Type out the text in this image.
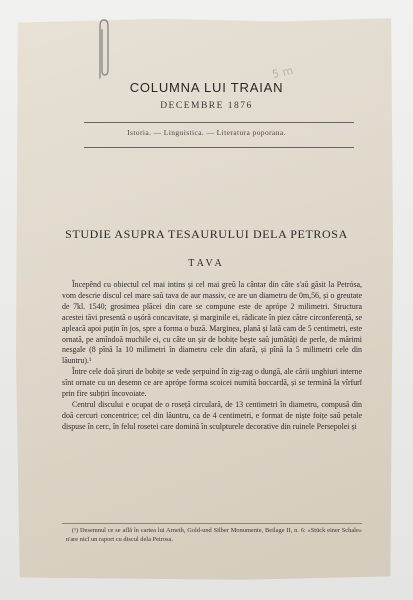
5 m
COLUMNA LUI TRAIAN
DECEMBRE 1876
Istoria. — Linguistica. — Literatura poporana.
STUDIE ASUPRA TESAURULUI DELA PETROSA
TAVA

Începênd cu obiectul cel mai intins și cel mai greŭ la cântar din câte s'aŭ găsit la Petrósa, vom descrie discul cel mare saŭ tava de aur massiv, ce are un diametru de 0m,56, și o greutate de 7kl. 1540; grosimea plăcei din care se compune este de aprópe 2 milimetri. Structura acestei tăvi presentă o ușóră concavitate, și marginile ei, rădicate în piez către circonferență, se apleacă apoi puțin în jos, spre a forma o buză. Marginea, plană și lată cam de 5 centimetri, este ornată, pe amîndoă muchile ei, cu câte un șir de bobițe bește saŭ jumătăți de perle, de mărimi nesgale (8 pînă la 10 milimetri în diametru cele din afară, și pînă la 5 milimetri cele din lăuntru).¹

Între cele doă șiruri de bobițe se vede șerpuind în zig-zag o dungă, ale cării unghiuri interne sînt ornate cu un desemn ce are aprópe forma scoicei numită boccardă, și se termină la vîrfurĭ prin fire subțiri încovoiate.

Centrul discului e ocupat de o roseță circulară, de 13 centimetri în diametru, compusă din doă cercuri concentrice; cel din lăuntru, ca de 4 centimetri, e format de niște foițe saŭ petale dispuse în cerc, în felul rosetei care domină în sculpturele decorative din ruinele Persepolei și

(¹) Desemnul ce se află în cartea lui Arneth, Gold-und Silber Monumente, Beilage II, n. 6: «Stück einer Schale» n'are nicĭ un raport cu discul dela Petrosa.
